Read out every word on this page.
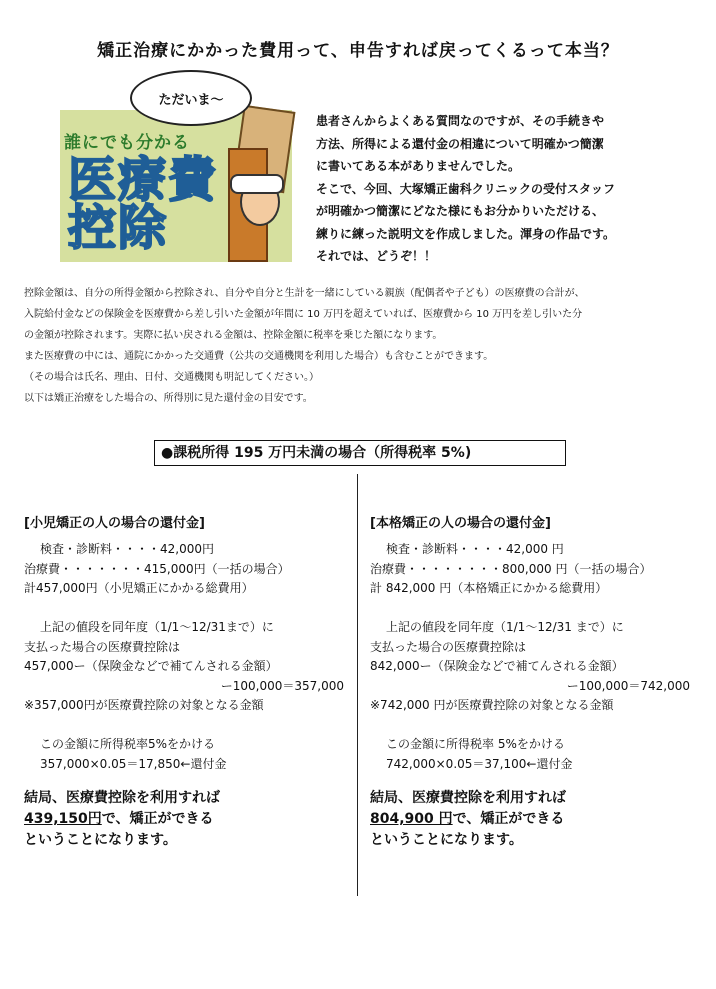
矯正治療にかかった費用って、申告すれば戻ってくるって本当？
ただいま〜
誰にでも分かる
医療費
控除
患者さんからよくある質問なのですが、その手続きや
方法、所得による還付金の相違について明確かつ簡潔
に書いてある本がありませんでした。
そこで、今回、大塚矯正歯科クリニックの受付スタッフ
が明確かつ簡潔にどなた様にもお分かりいただける、
練りに練った説明文を作成しました。渾身の作品です。
それでは、どうぞ！！
控除金額は、自分の所得金額から控除され、自分や自分と生計を一緒にしている親族（配偶者や子ども）の医療費の合計が、
入院給付金などの保険金を医療費から差し引いた金額が年間に 10 万円を超えていれば、医療費から 10 万円を差し引いた分
の金額が控除されます。実際に払い戻される金額は、控除金額に税率を乗じた額になります。
また医療費の中には、通院にかかった交通費（公共の交通機関を利用した場合）も含むことができます。
（その場合は氏名、理由、日付、交通機関も明記してください。）
以下は矯正治療をした場合の、所得別に見た還付金の目安です。
●課税所得 195 万円未満の場合（所得税率 5%)
[小児矯正の人の場合の還付金]
検査・診断料・・・・42,000円
治療費・・・・・・・415,000円（一括の場合）
計457,000円（小児矯正にかかる総費用）
上記の値段を同年度（1/1〜12/31まで）に
支払った場合の医療費控除は
457,000ー（保険金などで補てんされる金額）
ー100,000＝357,000
※357,000円が医療費控除の対象となる金額
この金額に所得税率5%をかける
357,000×0.05＝17,850←還付金
結局、医療費控除を利用すれば
439,150円で、矯正ができる
ということになります。
[本格矯正の人の場合の還付金]
検査・診断料・・・・42,000 円
治療費・・・・・・・・800,000 円（一括の場合）
計 842,000 円（本格矯正にかかる総費用）
上記の値段を同年度（1/1〜12/31 まで）に
支払った場合の医療費控除は
842,000ー（保険金などで補てんされる金額）
ー100,000＝742,000
※742,000 円が医療費控除の対象となる金額
この金額に所得税率 5%をかける
742,000×0.05＝37,100←還付金
結局、医療費控除を利用すれば
804,900 円で、矯正ができる
ということになります。
